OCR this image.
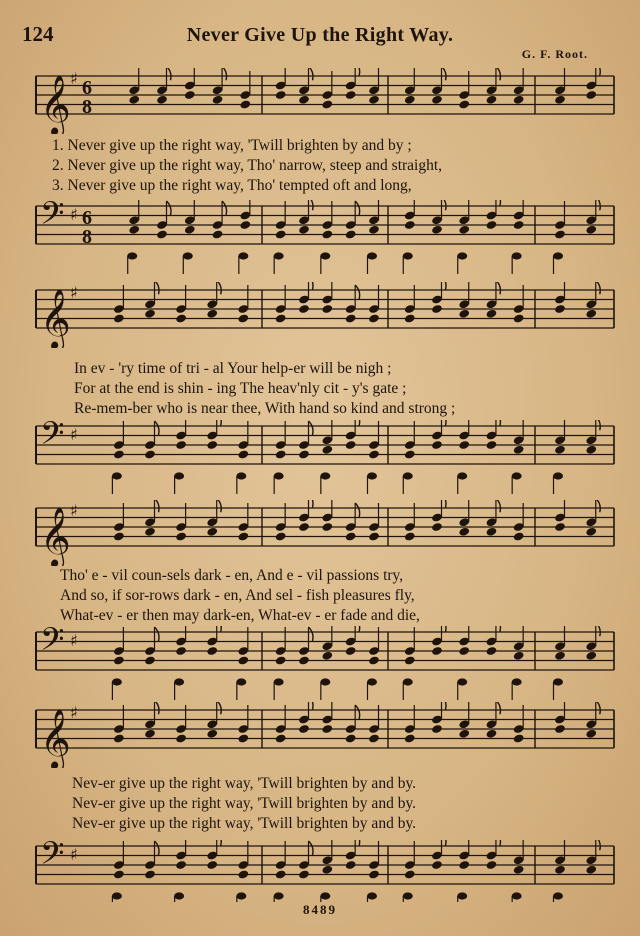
124	Never Give Up the Right Way.
G. F. Root.
𝄞 ♯ 6
8
1. Never give up the right way, 'Twill brighten by and by ;
2. Never give up the right way, Tho' narrow, steep and straight,
3. Never give up the right way, Tho' tempted oft and long,
𝄢 ♯ 6
8
𝄞 ♯
In ev - 'ry time of tri - al Your help-er will be nigh ;
For at the end is shin - ing The heav'nly cit - y's gate ;
Re-mem-ber who is near thee, With hand so kind and strong ;
𝄢 ♯
𝄞 ♯
Tho' e - vil coun-sels dark - en, And e - vil passions try,
And so, if sor-rows dark - en, And sel - fish pleasures fly,
What-ev - er then may dark-en, What-ev - er fade and die,
𝄢 ♯
𝄞 ♯
Nev-er give up the right way, 'Twill brighten by and by.
Nev-er give up the right way, 'Twill brighten by and by.
Nev-er give up the right way, 'Twill brighten by and by.
𝄢 ♯
8489
